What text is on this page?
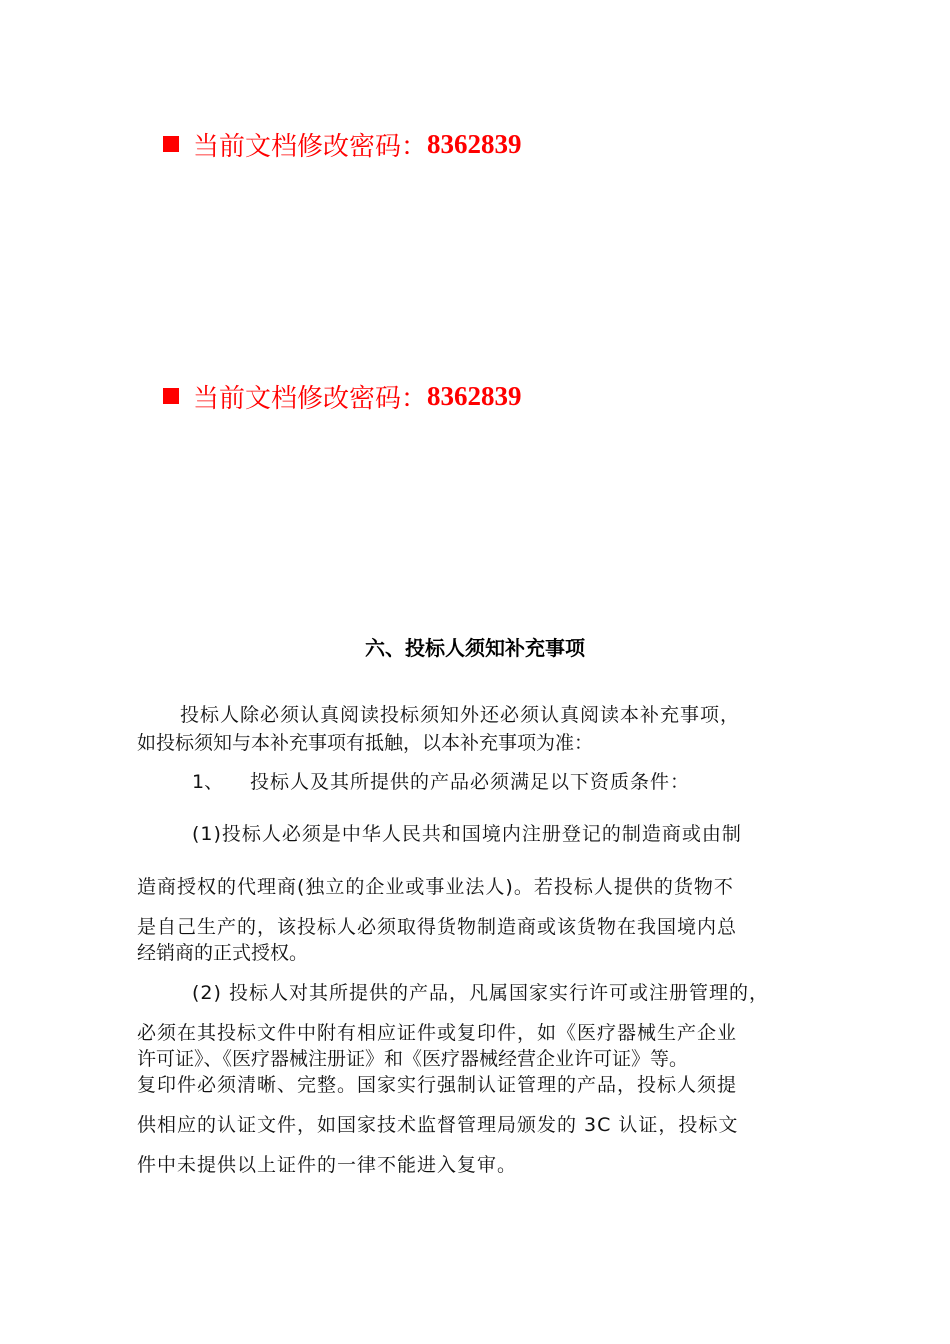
当前文档修改密码： 8362839
当前文档修改密码： 8362839
六、投标人须知补充事项
投标人除必须认真阅读投标须知外还必须认真阅读本补充事项，
如投标须知与本补充事项有抵触，以本补充事项为准：
1、 投标人及其所提供的产品必须满足以下资质条件：
(1)投标人必须是中华人民共和国境内注册登记的制造商或由制
造商授权的代理商(独立的企业或事业法人)。若投标人提供的货物不
是自己生产的，该投标人必须取得货物制造商或该货物在我国境内总
经销商的正式授权。
(2) 投标人对其所提供的产品，凡属国家实行许可或注册管理的，
必须在其投标文件中附有相应证件或复印件，如《医疗器械生产企业
许可证》、《医疗器械注册证》和《医疗器械经营企业许可证》等。
复印件必须清晰、完整。国家实行强制认证管理的产品，投标人须提
供相应的认证文件，如国家技术监督管理局颁发的 3C 认证，投标文
件中未提供以上证件的一律不能进入复审。
